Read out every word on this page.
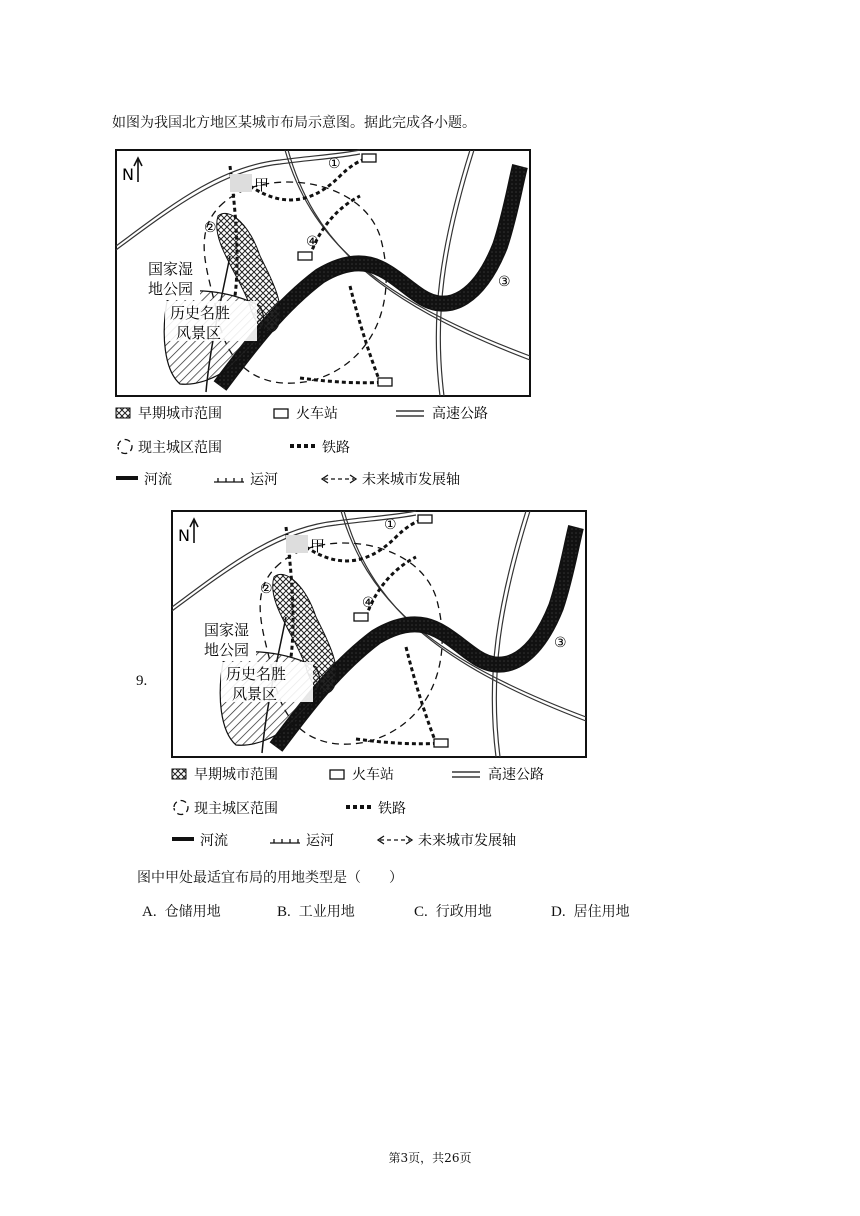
如图为我国北方地区某城市布局示意图。据此完成各小题。
N
甲
①
②
③
④
国家湿
地公园
历史名胜
风景区
早期城市范围	火车站	高速公路
现主城区范围	铁路
河流	运河	未来城市发展轴
N
甲
①
②
③
④
国家湿
地公园
历史名胜
风景区
早期城市范围	火车站	高速公路
现主城区范围	铁路
河流	运河	未来城市发展轴
9.
图中甲处最适宜布局的用地类型是（　　）
A. 仓储用地	B. 工业用地	C. 行政用地	D. 居住用地
第3页，共26页
